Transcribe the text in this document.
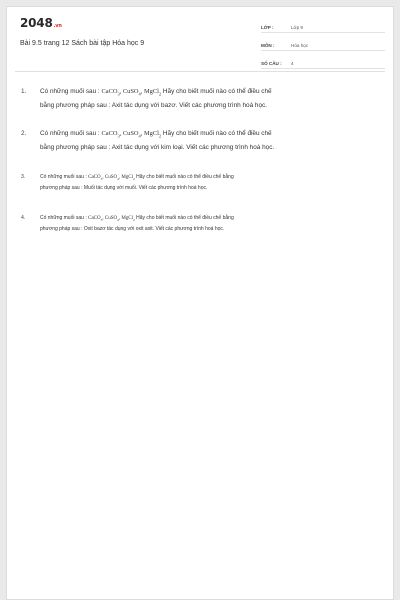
2048.vn
Bài 9.5 trang 12 Sách bài tập Hóa học 9
LỚP :	Lớp 9
MÔN :	Hóa học
SỐ CÂU :	4
1.	Có những muối sau : CaCO$_3$, CuSO$_4$, MgCl$_2$ Hãy cho biết muối nào có thể điều chế

bằng phương pháp sau : Axit tác dụng với bazơ. Viết các phương trình hoá học.

2.	Có những muối sau : CaCO$_3$, CuSO$_4$, MgCl$_2$ Hãy cho biết muối nào có thể điều chế

bằng phương pháp sau : Axit tác dụng với kim loại. Viết các phương trình hoá học.

3.	Có những muối sau : CaCO$_3$, CuSO$_4$, MgCl$_2$ Hãy cho biết muối nào có thể điều chế bằng

phương pháp sau : Muối tác dụng với muối. Viết các phương trình hoá học.

4.	Có những muối sau : CaCO$_3$, CuSO$_4$, MgCl$_2$ Hãy cho biết muối nào có thể điều chế bằng

phương pháp sau : Oxit bazơ tác dụng với oxit axit. Viết các phương trình hoá học.
